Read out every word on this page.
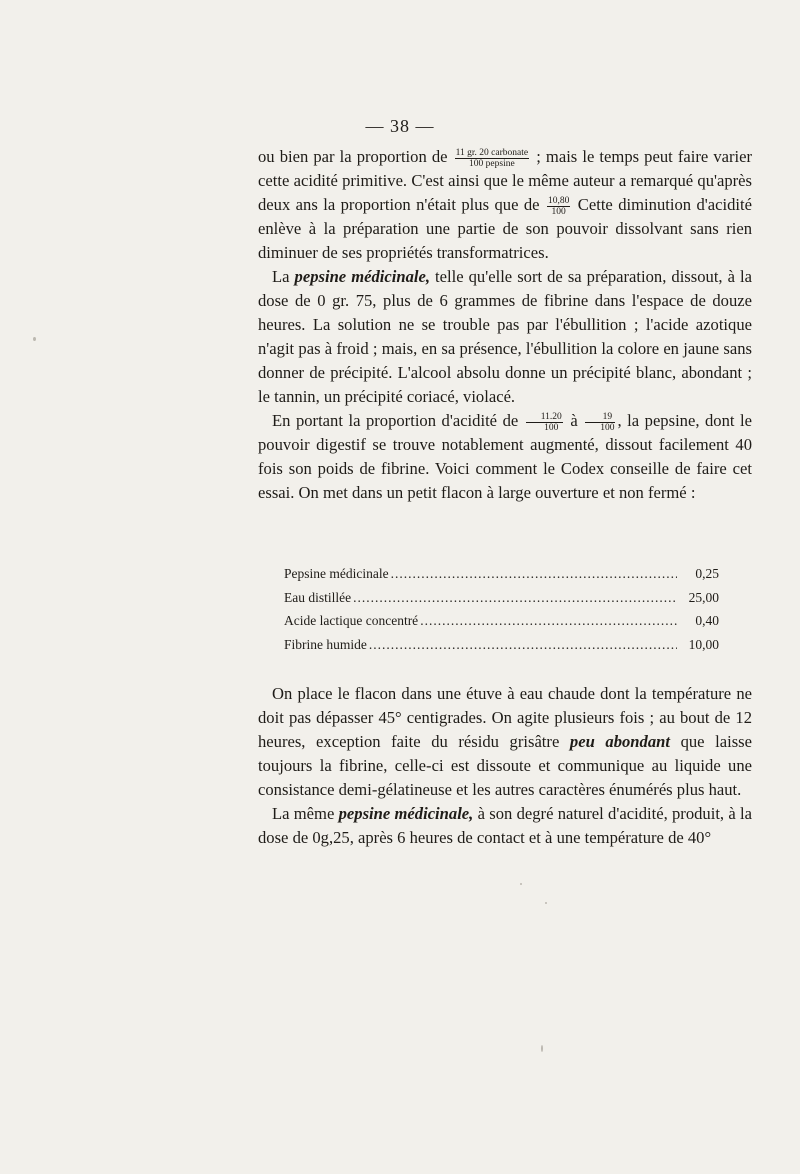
— 38 —

ou bien par la proportion de $\frac{\text{11 gr. 20 carbonate}}{\text{100 pepsine}}$ ; mais le temps peut faire varier cette acidité primitive. C'est ainsi que le même auteur a remarqué qu'après deux ans la proportion n'était plus que de $\frac{10,80}{100}$ Cette diminution d'acidité enlève à la préparation une partie de son pouvoir dissolvant sans rien diminuer de ses propriétés transformatrices.

La pepsine médicinale, telle qu'elle sort de sa préparation, dissout, à la dose de 0 gr. 75, plus de 6 grammes de fibrine dans l'espace de douze heures. La solution ne se trouble pas par l'ébullition ; l'acide azotique n'agit pas à froid ; mais, en sa présence, l'ébullition la colore en jaune sans donner de précipité. L'alcool absolu donne un précipité blanc, abondant ; le tannin, un précipité coriacé, violacé.

En portant la proportion d'acidité de $\frac{11.20}{100}$ à $\frac{19}{100}$ , la pepsine, dont le pouvoir digestif se trouve notablement augmenté, dissout facilement 40 fois son poids de fibrine. Voici comment le Codex conseille de faire cet essai. On met dans un petit flacon à large ouverture et non fermé :

Pepsine médicinale .....	0,25
Eau distillée .....	25,00
Acide lactique concentré .....	0,40
Fibrine humide .....	10,00

On place le flacon dans une étuve à eau chaude dont la température ne doit pas dépasser 45° centigrades. On agite plusieurs fois ; au bout de 12 heures, exception faite du résidu grisâtre peu abondant que laisse toujours la fibrine, celle-ci est dissoute et communique au liquide une consistance demi-gélatineuse et les autres caractères énumérés plus haut.

La même pepsine médicinale, à son degré naturel d'acidité, produit, à la dose de 0g,25, après 6 heures de contact et à une température de 40°
